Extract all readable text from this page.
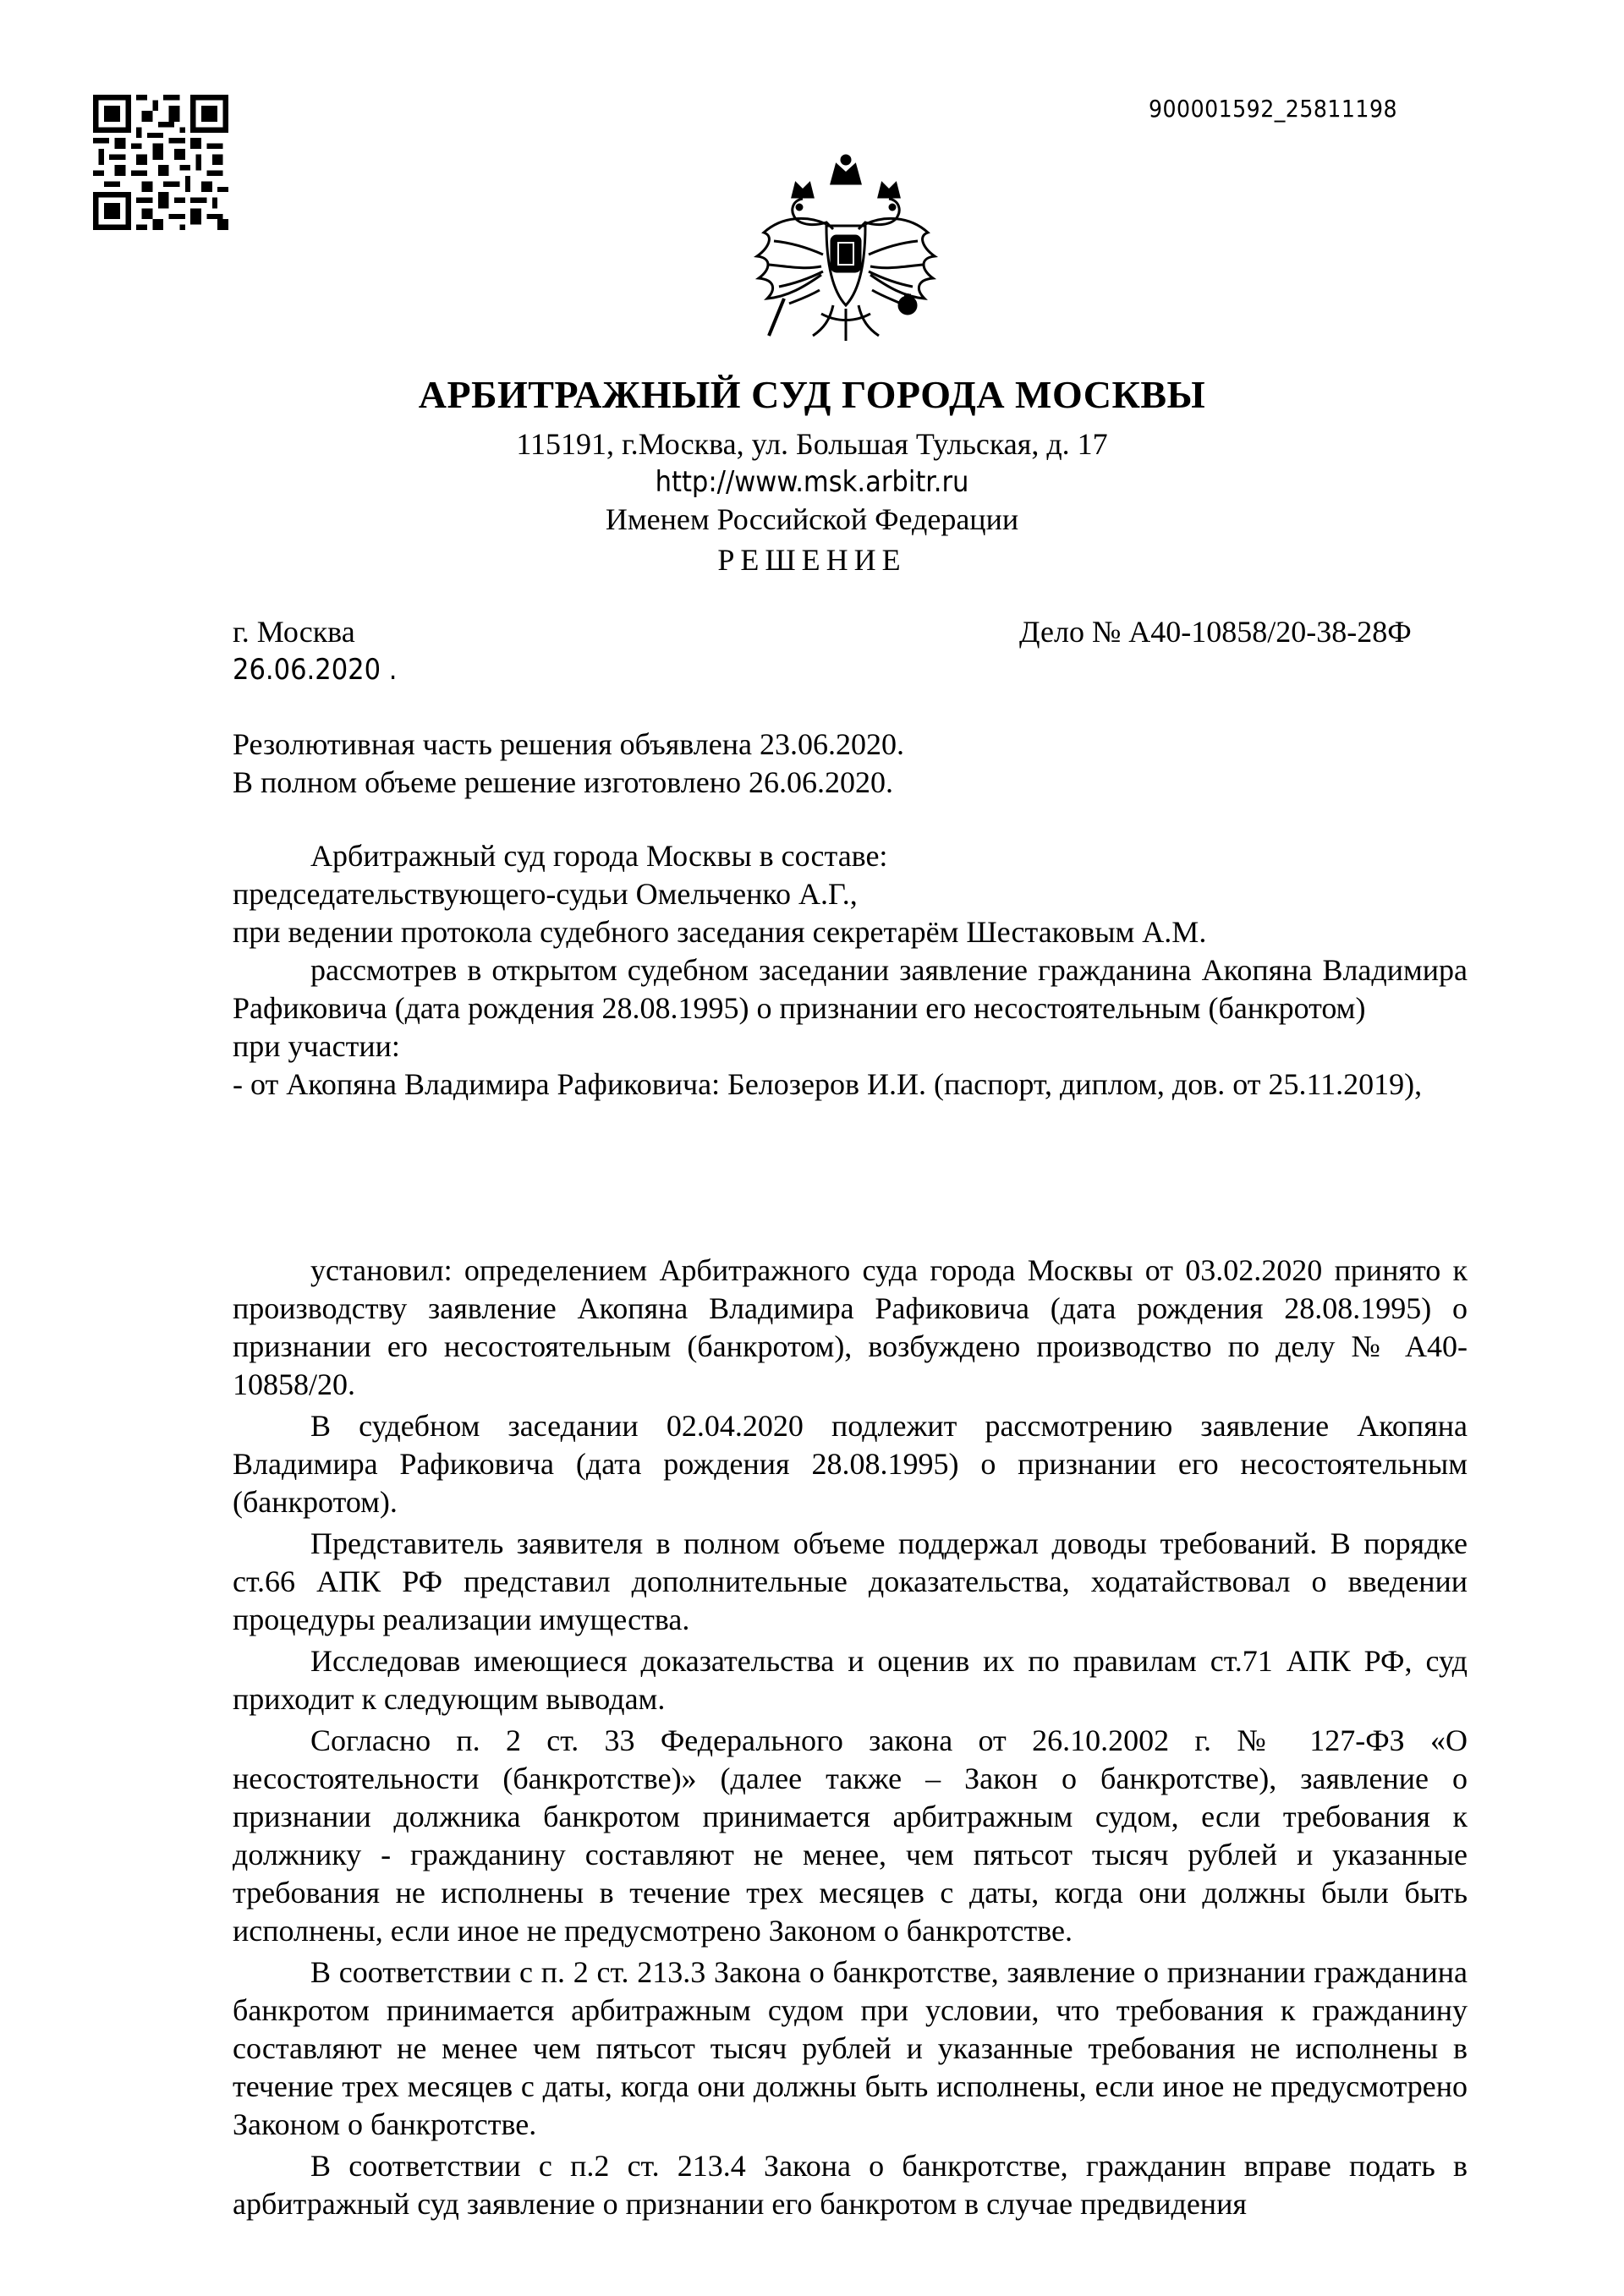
900001592_25811198
АРБИТРАЖНЫЙ СУД ГОРОДА МОСКВЫ
115191, г.Москва, ул. Большая Тульская, д. 17
http://www.msk.arbitr.ru
Именем Российской Федерации
РЕШЕНИЕ
г. Москва
26.06.2020 .
Дело № А40-10858/20-38-28Ф
Резолютивная часть решения объявлена 23.06.2020.
В полном объеме решение изготовлено 26.06.2020.

Арбитражный суд города Москвы в составе:

председательствующего-судьи Омельченко А.Г.,

при ведении протокола судебного заседания секретарём Шестаковым А.М.

рассмотрев в открытом судебном заседании заявление гражданина Акопяна Владимира Рафиковича (дата рождения 28.08.1995) о признании его несостоятельным (банкротом)

при участии:

- от Акопяна Владимира Рафиковича: Белозеров И.И. (паспорт, диплом, дов. от 25.11.2019),

установил: определением Арбитражного суда города Москвы от 03.02.2020 принято к производству заявление Акопяна Владимира Рафиковича (дата рождения 28.08.1995) о признании его несостоятельным (банкротом), возбуждено производство по делу № А40-10858/20.

В судебном заседании 02.04.2020 подлежит рассмотрению заявление Акопяна Владимира Рафиковича (дата рождения 28.08.1995) о признании его несостоятельным (банкротом).

Представитель заявителя в полном объеме поддержал доводы требований. В порядке ст.66 АПК РФ представил дополнительные доказательства, ходатайствовал о введении процедуры реализации имущества.

Исследовав имеющиеся доказательства и оценив их по правилам ст.71 АПК РФ, суд приходит к следующим выводам.

Согласно п. 2 ст. 33 Федерального закона от 26.10.2002 г. № 127-ФЗ «О несостоятельности (банкротстве)» (далее также – Закон о банкротстве), заявление о признании должника банкротом принимается арбитражным судом, если требования к должнику - гражданину составляют не менее, чем пятьсот тысяч рублей и указанные требования не исполнены в течение трех месяцев с даты, когда они должны были быть исполнены, если иное не предусмотрено Законом о банкротстве.

В соответствии с п. 2 ст. 213.3 Закона о банкротстве, заявление о признании гражданина банкротом принимается арбитражным судом при условии, что требования к гражданину составляют не менее чем пятьсот тысяч рублей и указанные требования не исполнены в течение трех месяцев с даты, когда они должны быть исполнены, если иное не предусмотрено Законом о банкротстве.

В соответствии с п.2 ст. 213.4 Закона о банкротстве, гражданин вправе подать в арбитражный суд заявление о признании его банкротом в случае предвидения
